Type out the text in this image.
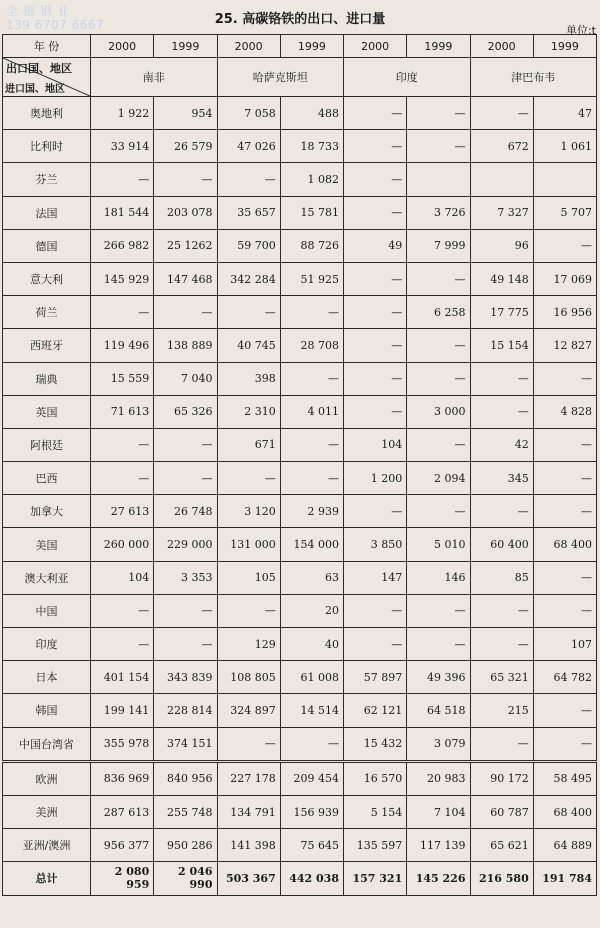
全德钢业
139 6707 6667	25. 高碳铬铁的出口、进口量
单位:t
年 份	2000	1999	2000	1999	2000	1999	2000	1999

出口国、地区
进口国、地区	南非		哈萨克斯坦		印度		津巴布韦	
奥地利	1 922	954	7 058	488	—	—	—	47
比利时	33 914	26 579	47 026	18 733	—	—	672	1 061
芬兰	—	—	—	1 082	—			
法国	181 544	203 078	35 657	15 781	—	3 726	7 327	5 707
德国	266 982	25 1262	59 700	88 726	49	7 999	96	—
意大利	145 929	147 468	342 284	51 925	—	—	49 148	17 069
荷兰	—	—	—	—	—	6 258	17 775	16 956
西班牙	119 496	138 889	40 745	28 708	—	—	15 154	12 827
瑞典	15 559	7 040	398	—	—	—	—	—
英国	71 613	65 326	2 310	4 011	—	3 000	—	4 828
阿根廷	—	—	671	—	104	—	42	—
巴西	—	—	—	—	1 200	2 094	345	—
加拿大	27 613	26 748	3 120	2 939	—	—	—	—
美国	260 000	229 000	131 000	154 000	3 850	5 010	60 400	68 400
澳大利亚	104	3 353	105	63	147	146	85	—
中国	—	—	—	20	—	—	—	—
印度	—	—	129	40	—	—	—	107
日本	401 154	343 839	108 805	61 008	57 897	49 396	65 321	64 782
韩国	199 141	228 814	324 897	14 514	62 121	64 518	215	—
中国台湾省	355 978	374 151	—	—	15 432	3 079	—	—
欧洲	836 969	840 956	227 178	209 454	16 570	20 983	90 172	58 495
美洲	287 613	255 748	134 791	156 939	5 154	7 104	60 787	68 400
亚洲/澳洲	956 377	950 286	141 398	75 645	135 597	117 139	65 621	64 889
总计	2 080 959	2 046 990	503 367	442 038	157 321	145 226	216 580	191 784
